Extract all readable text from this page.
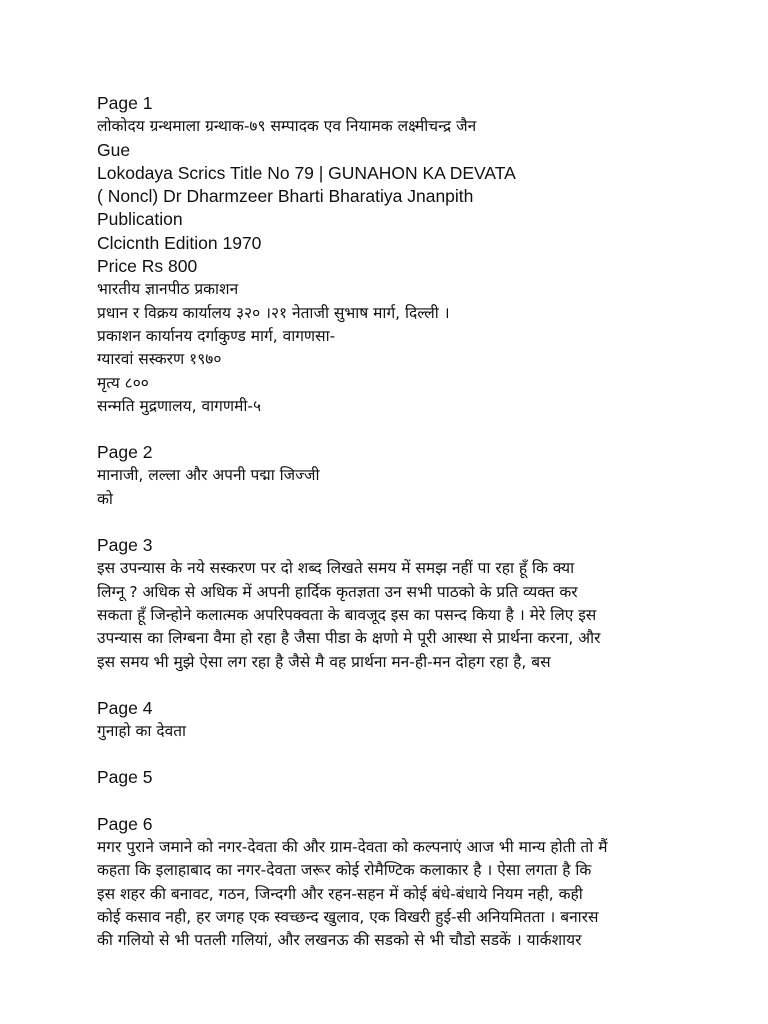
Page 1
लोकोदय ग्रन्थमाला ग्रन्थाक-७९ सम्पादक एव नियामक लक्ष्मीचन्द्र जैन
Gue
Lokodaya Scrics Title No 79 | GUNAHON KA DEVATA
( Noncl) Dr Dharmzeer Bharti Bharatiya Jnanpith
Publication
Clcicnth Edition 1970
Price Rs 800
भारतीय ज्ञानपीठ प्रकाशन
प्रधान र विक्रय कार्यालय ३२० ।२१ नेताजी सुभाष मार्ग, दिल्ली ।
प्रकाशन कार्यानय दर्गाकुण्ड मार्ग, वागणसा-
ग्यारवां सस्करण १९७०
मृत्य ८००
सन्मति मुद्रणालय, वागणमी-५
Page 2
मानाजी, लल्ला और अपनी पद्मा जिज्जी
को
Page 3
इस उपन्यास के नये सस्करण पर दो शब्द लिखते समय में समझ नहीं पा रहा हूँ कि क्या
लिग्नू ? अधिक से अधिक में अपनी हार्दिक कृतज्ञता उन सभी पाठको के प्रति व्यक्त कर
सकता हूँ जिन्होने कलात्मक अपरिपक्वता के बावजूद इस का पसन्द किया है । मेरे लिए इस
उपन्यास का लिग्बना वैमा हो रहा है जैसा पीडा के क्षणो मे पूरी आस्था से प्रार्थना करना, और
इस समय भी मुझे ऐसा लग रहा है जैसे मै वह प्रार्थना मन-ही-मन दोहग रहा है, बस
Page 4
गुनाहो का देवता
Page 5
Page 6
मगर पुराने जमाने को नगर-देवता की और ग्राम-देवता को कल्पनाएं आज भी मान्य होती तो मैं
कहता कि इलाहाबाद का नगर-देवता जरूर कोई रोमैण्टिक कलाकार है । ऐसा लगता है कि
इस शहर की बनावट, गठन, जिन्दगी और रहन-सहन में कोई बंधे-बंधाये नियम नही, कही
कोई कसाव नही, हर जगह एक स्वच्छन्द खुलाव, एक विखरी हुई-सी अनियमितता । बनारस
की गलियो से भी पतली गलियां, और लखनऊ की सडको से भी चौडो सडकें । यार्कशायर
